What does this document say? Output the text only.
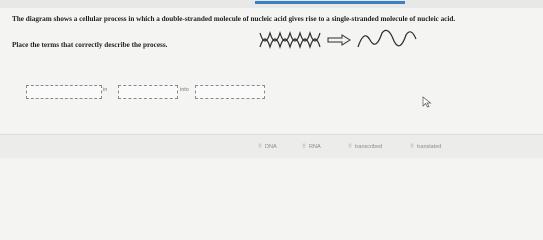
The diagram shows a cellular process in which a double-stranded molecule of nucleic acid gives rise to a single-stranded molecule of nucleic acid.
Place the terms that correctly describe the process.
in	into
⠿ DNA	⠿ RNA	⠿ transcribed	⠿ translated
